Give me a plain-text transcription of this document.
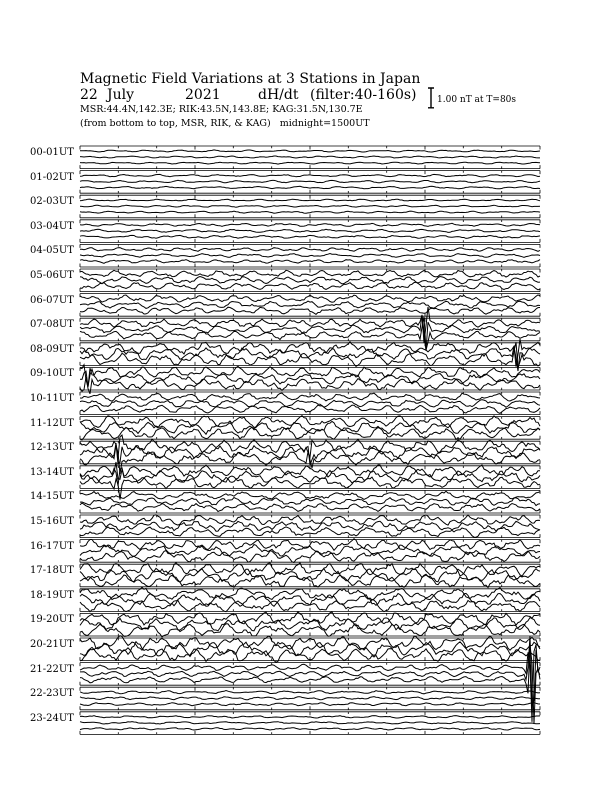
Magnetic Field Variations at 3 Stations in Japan
22 July	2021	dH/dt (filter:40-160s)
MSR:44.4N,142.3E; RIK:43.5N,143.8E; KAG:31.5N,130.7E
(from bottom to top, MSR, RIK, & KAG) midnight=1500UT
1.00 nT at T=80s
00-01UT
01-02UT
02-03UT
03-04UT
04-05UT
05-06UT
06-07UT
07-08UT
08-09UT
09-10UT
10-11UT
11-12UT
12-13UT
13-14UT
14-15UT
15-16UT
16-17UT
17-18UT
18-19UT
19-20UT
20-21UT
21-22UT
22-23UT
23-24UT
